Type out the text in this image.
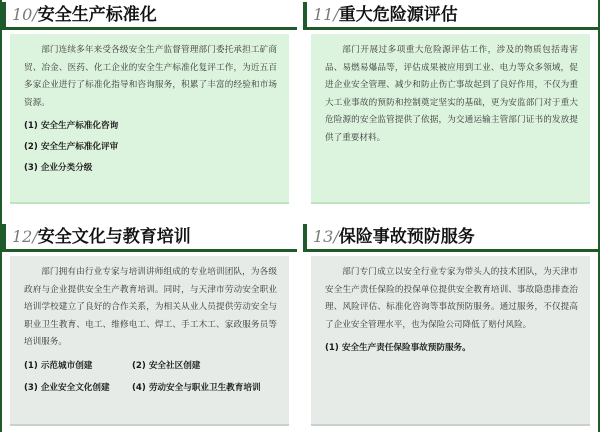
10/安全生产标准化

部门连续多年来受各级安全生产监督管理部门委托承担工矿商贸、冶金、医药、化工企业的安全生产标准化复评工作，为近五百多家企业进行了标准化指导和咨询服务，积累了丰富的经验和市场资源。

(1) 安全生产标准化咨询
(2) 安全生产标准化评审
(3) 企业分类分级
11/重大危险源评估

部门开展过多项重大危险源评估工作，涉及的物质包括毒害品、易燃易爆品等，评估成果被应用到工业、电力等众多领域，促进企业安全管理、减少和防止伤亡事故起到了良好作用，不仅为重大工业事故的预防和控制奠定坚实的基础，更为安监部门对于重大危险源的安全监管提供了依据，为交通运输主管部门证书的发放提供了重要材料。

12/安全文化与教育培训

部门拥有由行业专家与培训讲师组成的专业培训团队，为各级政府与企业提供安全生产教育培训。同时，与天津市劳动安全职业培训学校建立了良好的合作关系，为相关从业人员提供劳动安全与职业卫生教育、电工、维修电工、焊工、手工木工、家政服务员等培训服务。

(1) 示范城市创建	(2) 安全社区创建
(3) 企业安全文化创建	(4) 劳动安全与职业卫生教育培训
13/保险事故预防服务

部门专门成立以安全行业专家为带头人的技术团队，为天津市安全生产责任保险的投保单位提供安全教育培训、事故隐患排查治理、风险评估、标准化咨询等事故预防服务。通过服务，不仅提高了企业安全管理水平，也为保险公司降低了赔付风险。

(1) 安全生产责任保险事故预防服务。
